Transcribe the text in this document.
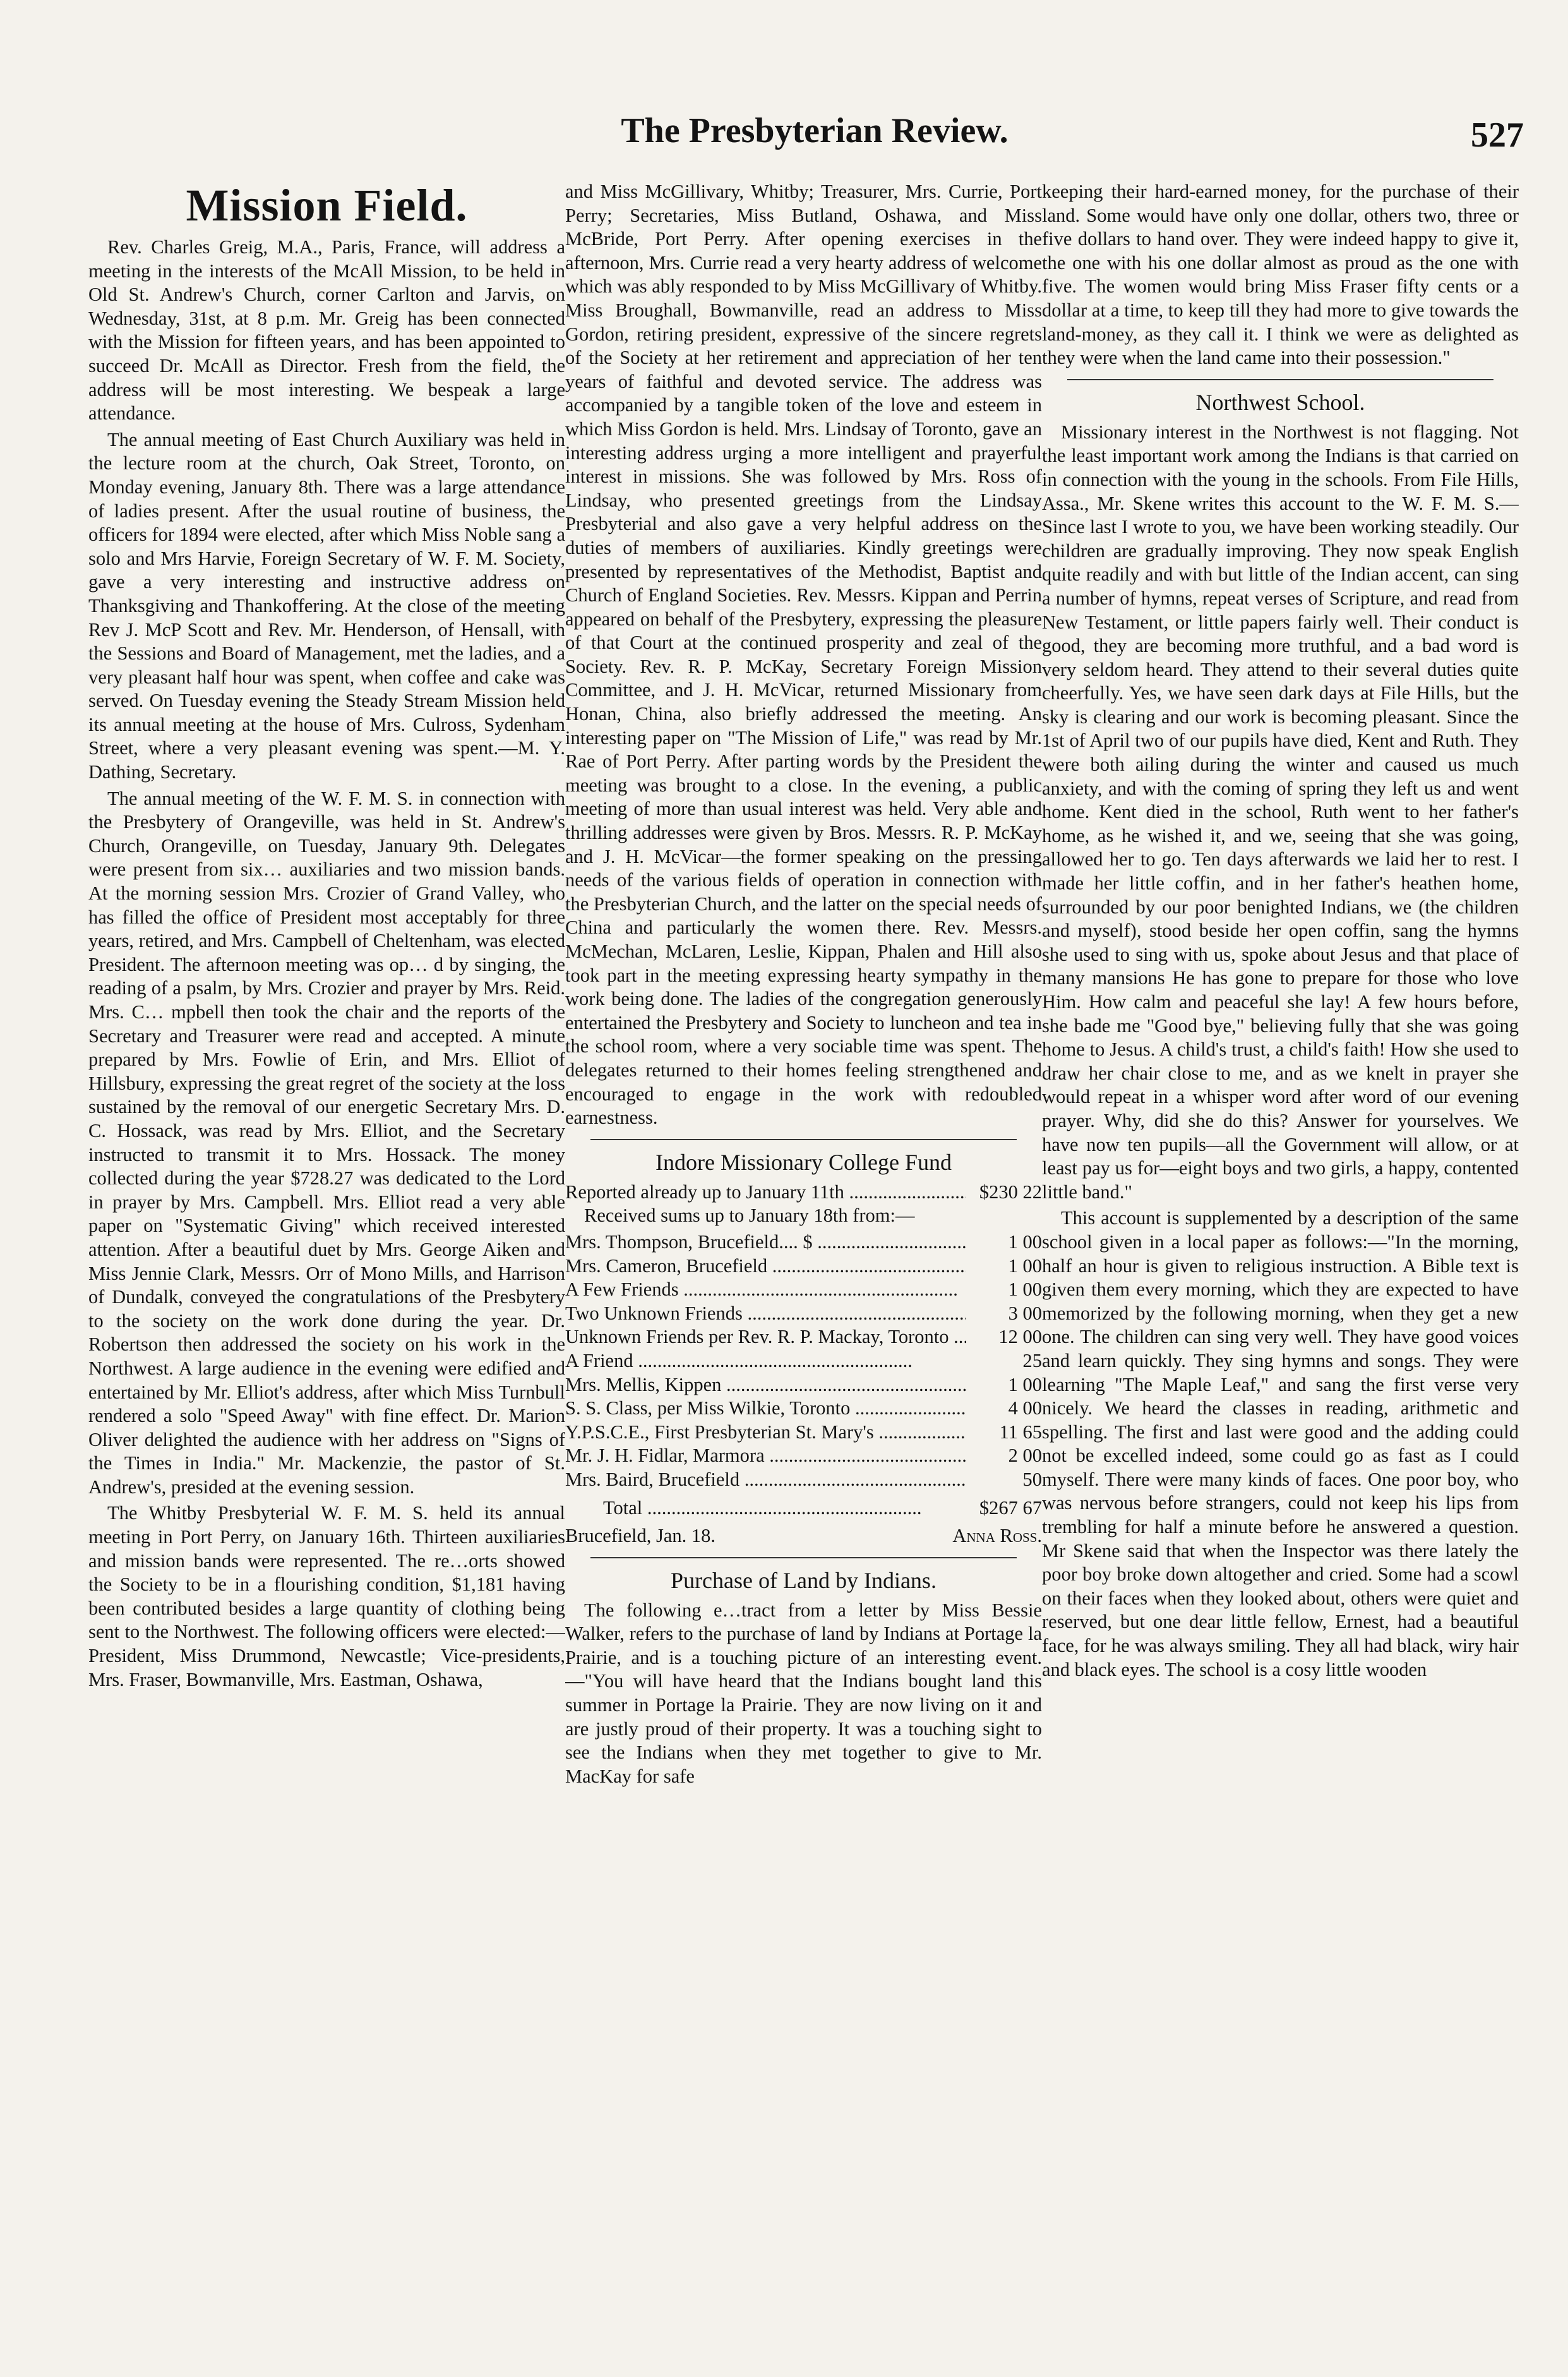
The Presbyterian Review.	527
Mission Field.

Rev. Charles Greig, M.A., Paris, France, will address a meeting in the interests of the McAll Mission, to be held in Old St. Andrew's Church, corner Carlton and Jarvis, on Wednesday, 31st, at 8 p.m. Mr. Greig has been connected with the Mission for fifteen years, and has been appointed to succeed Dr. McAll as Director. Fresh from the field, the address will be most interesting. We bespeak a large attendance.

The annual meeting of East Church Auxiliary was held in the lecture room at the church, Oak Street, Toronto, on Monday evening, January 8th. There was a large attendance of ladies present. After the usual routine of business, the officers for 1894 were elected, after which Miss Noble sang a solo and Mrs Harvie, Foreign Secretary of W. F. M. Society, gave a very interesting and instructive address on Thanksgiving and Thankoffering. At the close of the meeting Rev J. McP Scott and Rev. Mr. Henderson, of Hensall, with the Sessions and Board of Management, met the ladies, and a very pleasant half hour was spent, when coffee and cake was served. On Tuesday evening the Steady Stream Mission held its annual meeting at the house of Mrs. Culross, Sydenham Street, where a very pleasant evening was spent.—M. Y. Dathing, Secretary.

The annual meeting of the W. F. M. S. in connection with the Presbytery of Orangeville, was held in St. Andrew's Church, Orangeville, on Tuesday, January 9th. Delegates were present from six… auxiliaries and two mission bands. At the morning session Mrs. Crozier of Grand Valley, who has filled the office of President most acceptably for three years, retired, and Mrs. Campbell of Cheltenham, was elected President. The afternoon meeting was op… d by singing, the reading of a psalm, by Mrs. Crozier and prayer by Mrs. Reid. Mrs. C… mpbell then took the chair and the reports of the Secretary and Treasurer were read and accepted. A minute prepared by Mrs. Fowlie of Erin, and Mrs. Elliot of Hillsbury, expressing the great regret of the society at the loss sustained by the removal of our energetic Secretary Mrs. D. C. Hossack, was read by Mrs. Elliot, and the Secretary instructed to transmit it to Mrs. Hossack. The money collected during the year $728.27 was dedicated to the Lord in prayer by Mrs. Campbell. Mrs. Elliot read a very able paper on "Systematic Giving" which received interested attention. After a beautiful duet by Mrs. George Aiken and Miss Jennie Clark, Messrs. Orr of Mono Mills, and Harrison of Dundalk, conveyed the congratulations of the Presbytery to the society on the work done during the year. Dr. Robertson then addressed the society on his work in the Northwest. A large audience in the evening were edified and entertained by Mr. Elliot's address, after which Miss Turnbull rendered a solo "Speed Away" with fine effect. Dr. Marion Oliver delighted the audience with her address on "Signs of the Times in India." Mr. Mackenzie, the pastor of St. Andrew's, presided at the evening session.

The Whitby Presbyterial W. F. M. S. held its annual meeting in Port Perry, on January 16th. Thirteen auxiliaries and mission bands were represented. The re…orts showed the Society to be in a flourishing condition, $1,181 having been contributed besides a large quantity of clothing being sent to the Northwest. The following officers were elected:—President, Miss Drummond, Newcastle; Vice-presidents, Mrs. Fraser, Bowmanville, Mrs. Eastman, Oshawa,

and Miss McGillivary, Whitby; Treasurer, Mrs. Currie, Port Perry; Secretaries, Miss Butland, Oshawa, and Miss McBride, Port Perry. After opening exercises in the afternoon, Mrs. Currie read a very hearty address of welcome which was ably responded to by Miss McGillivary of Whitby. Miss Broughall, Bowmanville, read an address to Miss Gordon, retiring president, expressive of the sincere regrets of the Society at her retirement and appreciation of her ten years of faithful and devoted service. The address was accompanied by a tangible token of the love and esteem in which Miss Gordon is held. Mrs. Lindsay of Toronto, gave an interesting address urging a more intelligent and prayerful interest in missions. She was followed by Mrs. Ross of Lindsay, who presented greetings from the Lindsay Presbyterial and also gave a very helpful address on the duties of members of auxiliaries. Kindly greetings were presented by representatives of the Methodist, Baptist and Church of England Societies. Rev. Messrs. Kippan and Perrin appeared on behalf of the Presbytery, expressing the pleasure of that Court at the continued prosperity and zeal of the Society. Rev. R. P. McKay, Secretary Foreign Mission Committee, and J. H. McVicar, returned Missionary from Honan, China, also briefly addressed the meeting. An interesting paper on "The Mission of Life," was read by Mr. Rae of Port Perry. After parting words by the President the meeting was brought to a close. In the evening, a public meeting of more than usual interest was held. Very able and thrilling addresses were given by Bros. Messrs. R. P. McKay and J. H. McVicar—the former speaking on the pressing needs of the various fields of operation in connection with the Presbyterian Church, and the latter on the special needs of China and particularly the women there. Rev. Messrs. McMechan, McLaren, Leslie, Kippan, Phalen and Hill also took part in the meeting expressing hearty sympathy in the work being done. The ladies of the congregation generously entertained the Presbytery and Society to luncheon and tea in the school room, where a very sociable time was spent. The delegates returned to their homes feeling strengthened and encouraged to engage in the work with redoubled earnestness.

Indore Missionary College Fund
Reported already up to January 11th .....	$230 22

Received sums up to January 18th from:—

Mrs. Thompson, Brucefield.... $ .....	1 00
Mrs. Cameron, Brucefield .....	1 00
A Few Friends .....	1 00
Two Unknown Friends .....	3 00
Unknown Friends per Rev. R. P. Mackay, Toronto .....	12 00
A Friend .....	25
Mrs. Mellis, Kippen .....	1 00
S. S. Class, per Miss Wilkie, Toronto .....	4 00
Y.P.S.C.E., First Presbyterian St. Mary's .....	11 65
Mr. J. H. Fidlar, Marmora .....	2 00
Mrs. Baird, Brucefield .....	50
Total .....	$267 67
Brucefield, Jan. 18.	Anna Ross.
Purchase of Land by Indians.

The following e…tract from a letter by Miss Bessie Walker, refers to the purchase of land by Indians at Portage la Prairie, and is a touching picture of an interesting event.—"You will have heard that the Indians bought land this summer in Portage la Prairie. They are now living on it and are justly proud of their property. It was a touching sight to see the Indians when they met together to give to Mr. MacKay for safe

keeping their hard-earned money, for the purchase of their land. Some would have only one dollar, others two, three or five dollars to hand over. They were indeed happy to give it, the one with his one dollar almost as proud as the one with five. The women would bring Miss Fraser fifty cents or a dollar at a time, to keep till they had more to give towards the land-money, as they call it. I think we were as delighted as they were when the land came into their possession."

Northwest School.

Missionary interest in the Northwest is not flagging. Not the least important work among the Indians is that carried on in connection with the young in the schools. From File Hills, Assa., Mr. Skene writes this account to the W. F. M. S.—Since last I wrote to you, we have been working steadily. Our children are gradually improving. They now speak English quite readily and with but little of the Indian accent, can sing a number of hymns, repeat verses of Scripture, and read from New Testament, or little papers fairly well. Their conduct is good, they are becoming more truthful, and a bad word is very seldom heard. They attend to their several duties quite cheerfully. Yes, we have seen dark days at File Hills, but the sky is clearing and our work is becoming pleasant. Since the 1st of April two of our pupils have died, Kent and Ruth. They were both ailing during the winter and caused us much anxiety, and with the coming of spring they left us and went home. Kent died in the school, Ruth went to her father's home, as he wished it, and we, seeing that she was going, allowed her to go. Ten days afterwards we laid her to rest. I made her little coffin, and in her father's heathen home, surrounded by our poor benighted Indians, we (the children and myself), stood beside her open coffin, sang the hymns she used to sing with us, spoke about Jesus and that place of many mansions He has gone to prepare for those who love Him. How calm and peaceful she lay! A few hours before, she bade me "Good bye," believing fully that she was going home to Jesus. A child's trust, a child's faith! How she used to draw her chair close to me, and as we knelt in prayer she would repeat in a whisper word after word of our evening prayer. Why, did she do this? Answer for yourselves. We have now ten pupils—all the Government will allow, or at least pay us for—eight boys and two girls, a happy, contented little band."

This account is supplemented by a description of the same school given in a local paper as follows:—"In the morning, half an hour is given to religious instruction. A Bible text is given them every morning, which they are expected to have memorized by the following morning, when they get a new one. The children can sing very well. They have good voices and learn quickly. They sing hymns and songs. They were learning "The Maple Leaf," and sang the first verse very nicely. We heard the classes in reading, arithmetic and spelling. The first and last were good and the adding could not be excelled indeed, some could go as fast as I could myself. There were many kinds of faces. One poor boy, who was nervous before strangers, could not keep his lips from trembling for half a minute before he answered a question. Mr Skene said that when the Inspector was there lately the poor boy broke down altogether and cried. Some had a scowl on their faces when they looked about, others were quiet and reserved, but one dear little fellow, Ernest, had a beautiful face, for he was always smiling. They all had black, wiry hair and black eyes. The school is a cosy little wooden
